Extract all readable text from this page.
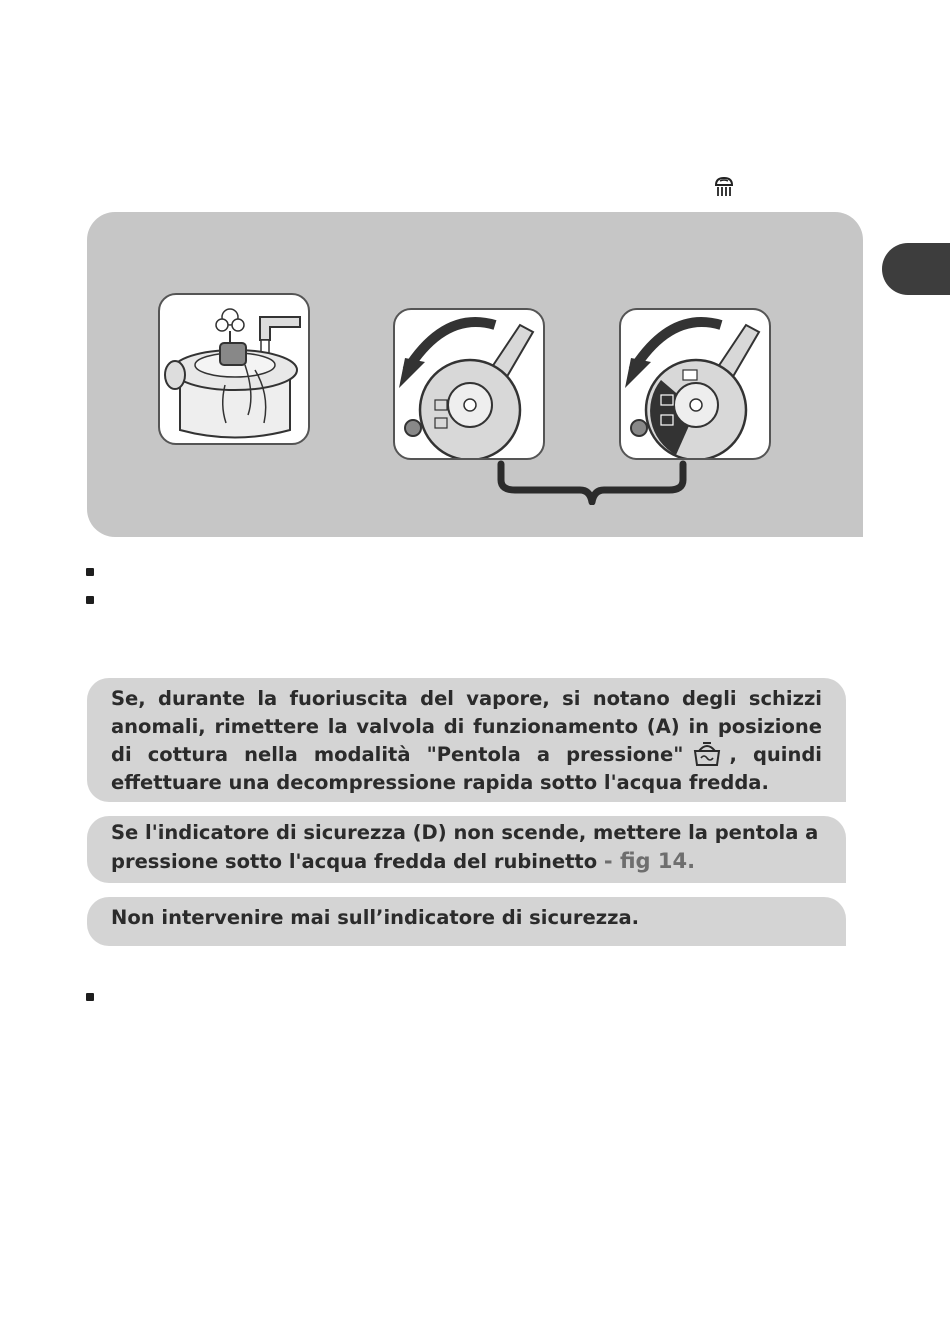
Se, durante la fuoriuscita del vapore, si notano degli schizzi anomali, rimettere la valvola di funzionamento (A) in posizione di cottura nella modalità "Pentola a pressione" , quindi effettuare una decompressione rapida sotto l'acqua fredda.
Se l'indicatore di sicurezza (D) non scende, mettere la pentola a pressione sotto l'acqua fredda del rubinetto - fig 14.
Non intervenire mai sull’indicatore di sicurezza.
